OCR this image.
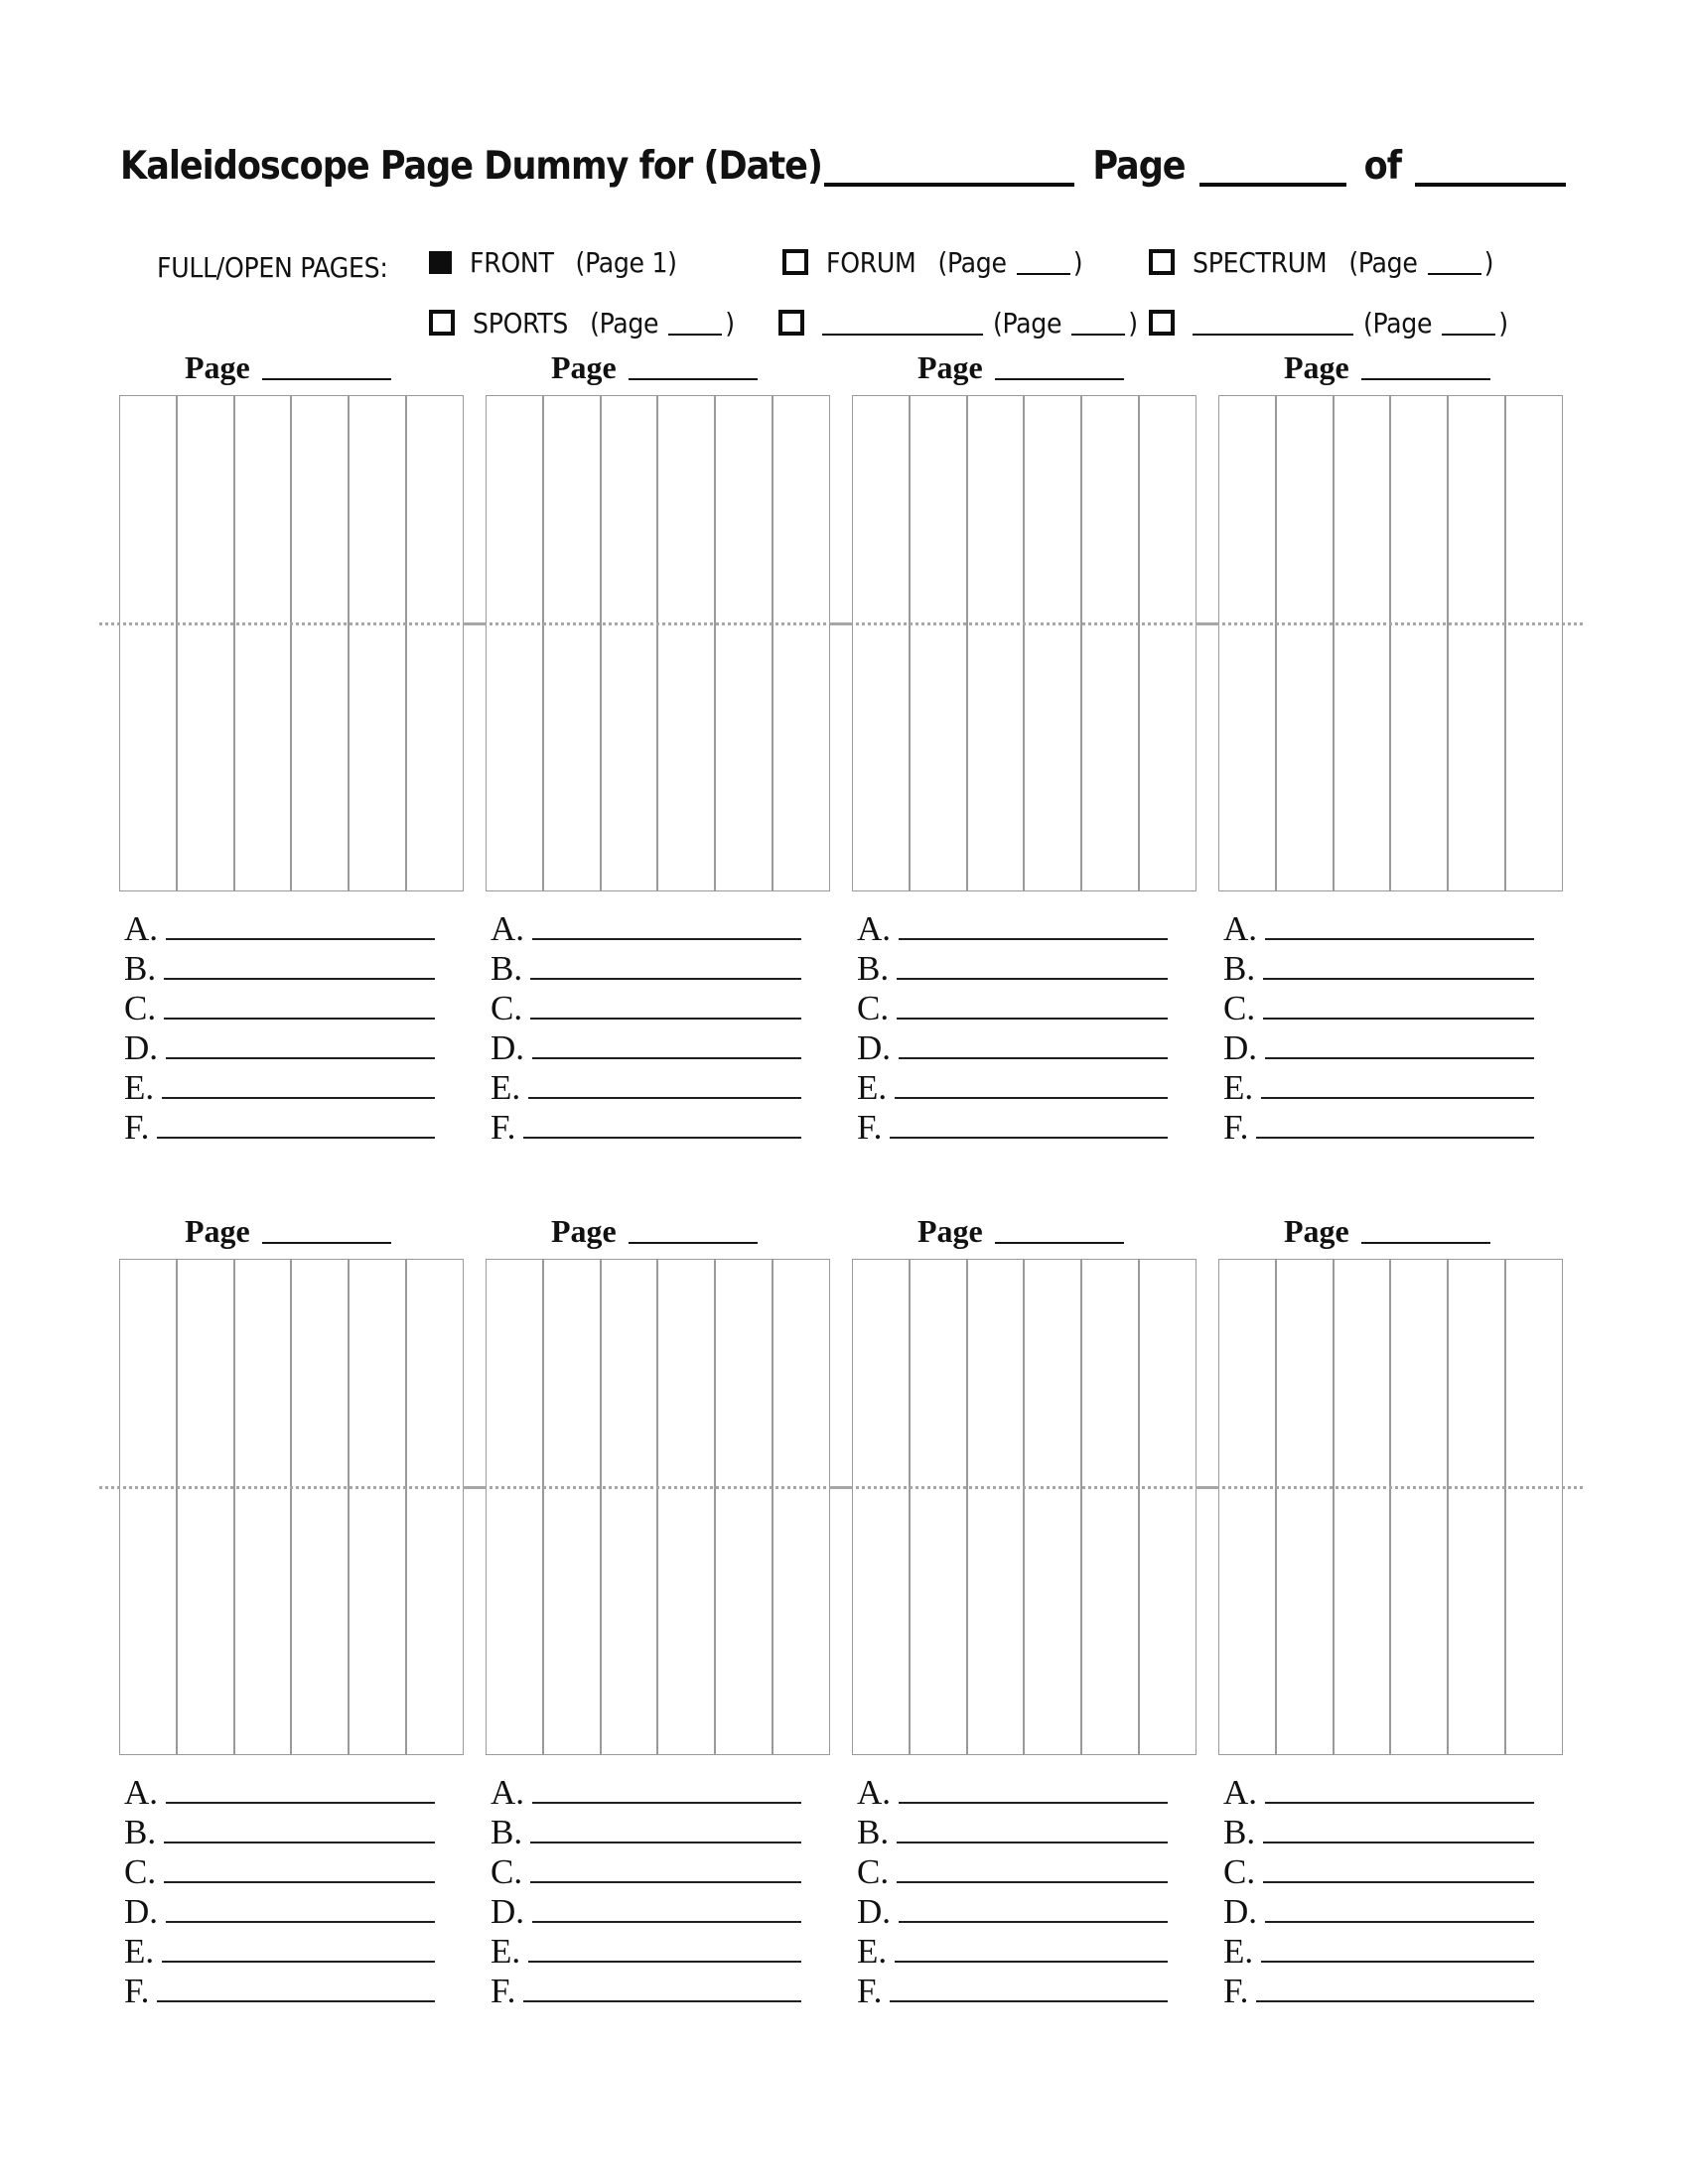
Kaleidoscope Page Dummy for (Date)	Page	of
FULL/OPEN PAGES:	FRONT (Page 1)	FORUM (Page )	SPECTRUM (Page )
SPORTS (Page )	(Page )	(Page )
Page
A.
B.
C.
D.
E.
F.
Page
A.
B.
C.
D.
E.
F.
Page
A.
B.
C.
D.
E.
F.
Page
A.
B.
C.
D.
E.
F.
Page
A.
B.
C.
D.
E.
F.
Page
A.
B.
C.
D.
E.
F.
Page
A.
B.
C.
D.
E.
F.
Page
A.
B.
C.
D.
E.
F.
